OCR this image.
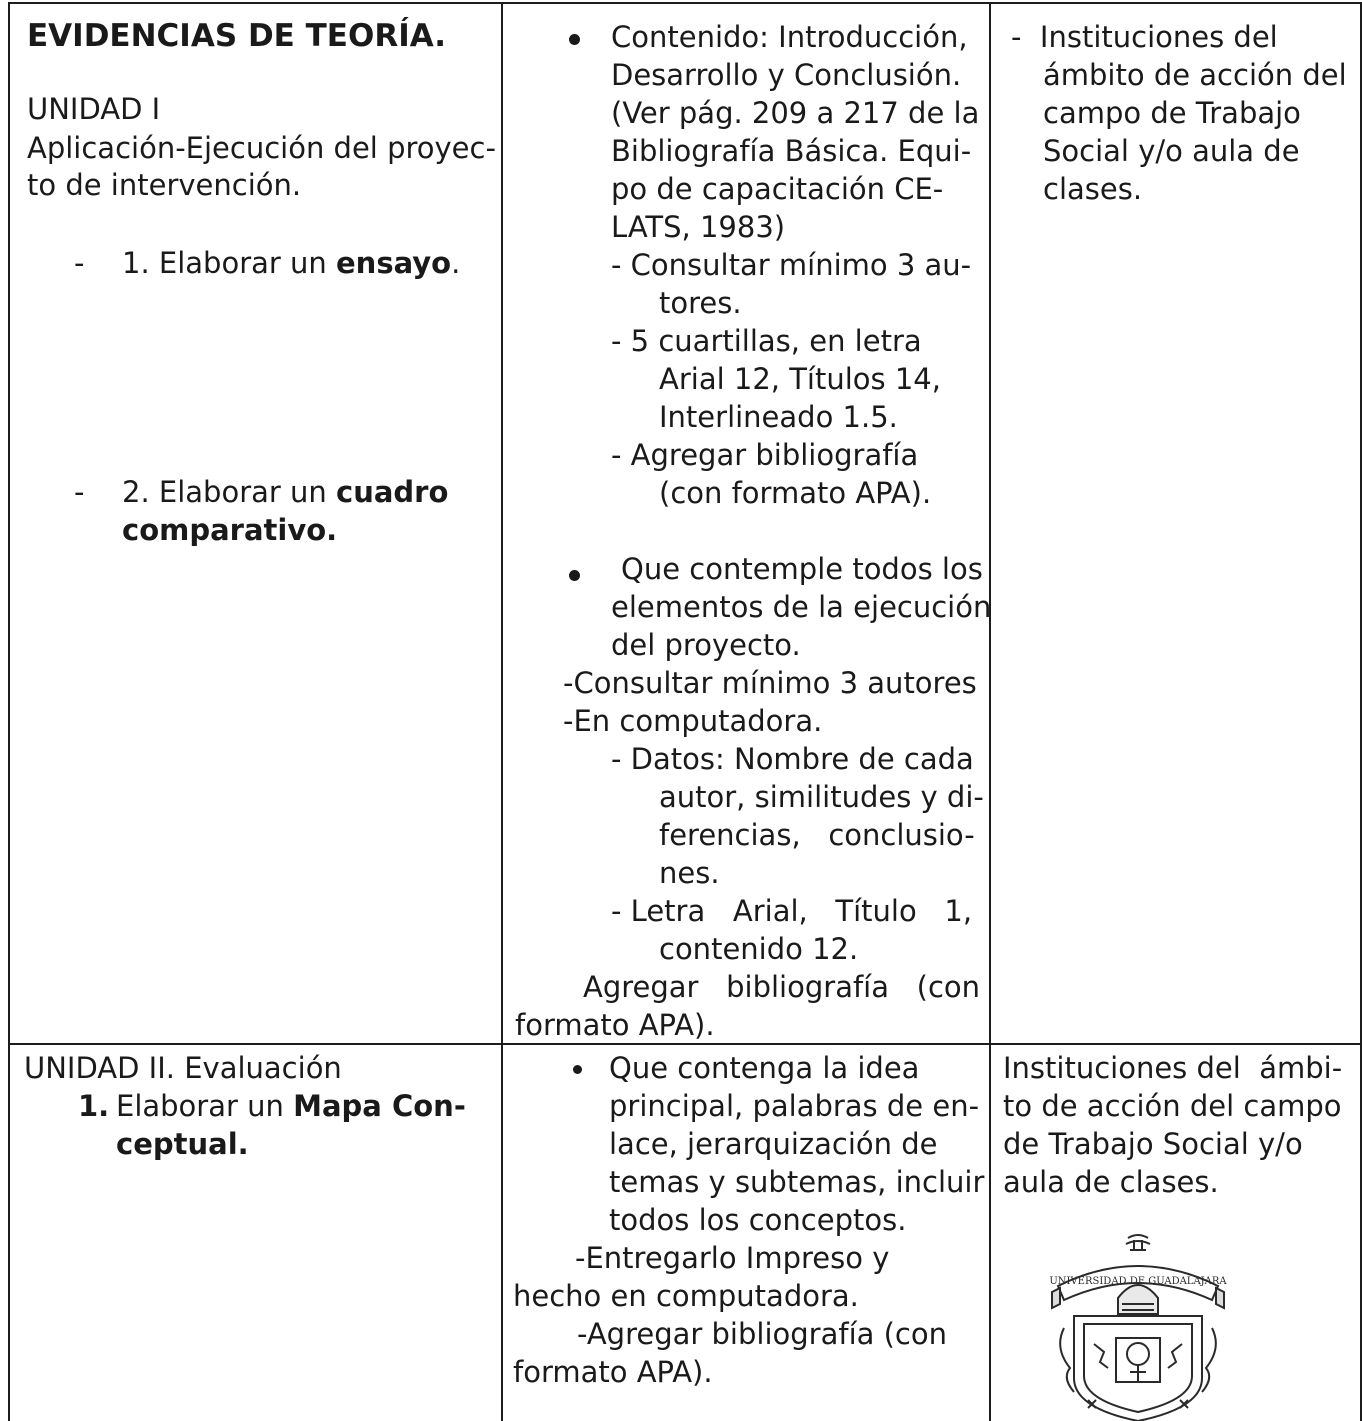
EVIDENCIAS DE TEORÍA.
UNIDAD I
Aplicación-Ejecución del proyec-
to de intervención.
- 1. Elaborar un ensayo.
- 2. Elaborar un cuadro
comparativo.
Contenido: Introducción,
Desarrollo y Conclusión.
(Ver pág. 209 a 217 de la
Bibliografía Básica. Equi-
po de capacitación CE-
LATS, 1983)
- Consultar mínimo 3 au-
tores.
- 5 cuartillas, en letra
Arial 12, Títulos 14,
Interlineado 1.5.
- Agregar bibliografía
(con formato APA).
Que contemple todos los
elementos de la ejecución
del proyecto.
-Consultar mínimo 3 autores
-En computadora.
- Datos: Nombre de cada
autor, similitudes y di-
ferencias,   conclusio-
nes.
- Letra   Arial,   Título   1,
contenido 12.
Agregar   bibliografía   (con
formato APA).
-  Instituciones del
ámbito de acción del
campo de Trabajo
Social y/o aula de
clases.
UNIDAD II. Evaluación
1. Elaborar un Mapa Con-
ceptual.
Que contenga la idea
principal, palabras de en-
lace, jerarquización de
temas y subtemas, incluir
todos los conceptos.
-Entregarlo Impreso y
hecho en computadora.
-Agregar bibliografía (con
formato APA).
Instituciones del  ámbi-
to de acción del campo
de Trabajo Social y/o
aula de clases.
UNIVERSIDAD DE GUADALAJARA
